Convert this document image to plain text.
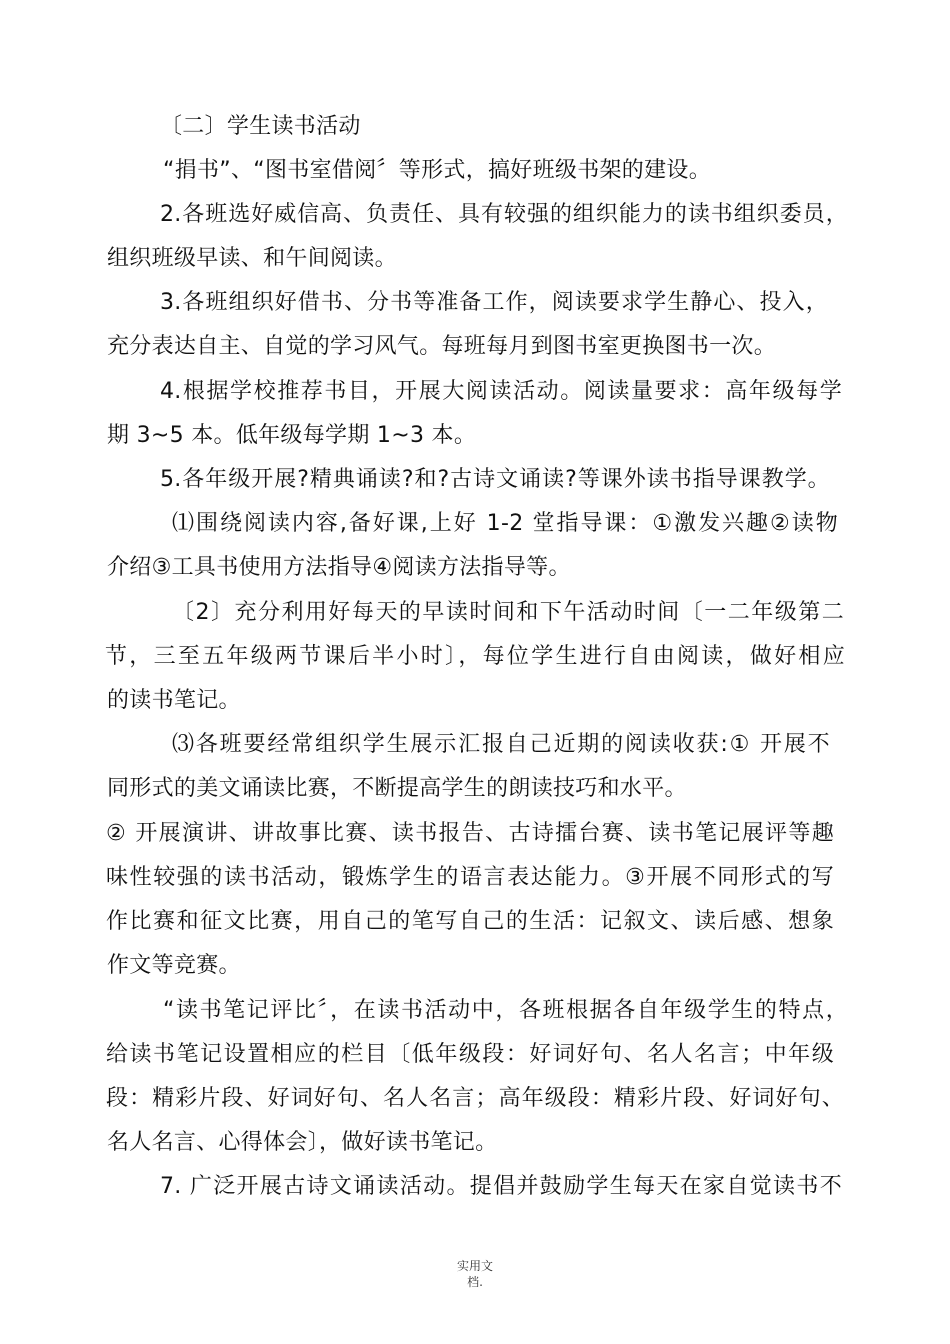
〔二〕学生读书活动
“捐书”、“图书室借阅〞等形式，搞好班级书架的建设。
2.各班选好威信高、负责任、具有较强的组织能力的读书组织委员，
组织班级早读、和午间阅读。
3.各班组织好借书、分书等准备工作，阅读要求学生静心、投入，
充分表达自主、自觉的学习风气。每班每月到图书室更换图书一次。
4.根据学校推荐书目，开展大阅读活动。阅读量要求：高年级每学
期 3~5 本。低年级每学期 1~3 本。
5.各年级开展?精典诵读?和?古诗文诵读?等课外读书指导课教学。
⑴围绕阅读内容,备好课,上好 1-2 堂指导课：①激发兴趣②读物
介绍③工具书使用方法指导④阅读方法指导等。
〔2〕充分利用好每天的早读时间和下午活动时间〔一二年级第二
节，三至五年级两节课后半小时〕，每位学生进行自由阅读，做好相应
的读书笔记。
⑶各班要经常组织学生展示汇报自己近期的阅读收获:① 开展不
同形式的美文诵读比赛，不断提高学生的朗读技巧和水平。
② 开展演讲、讲故事比赛、读书报告、古诗擂台赛、读书笔记展评等趣
味性较强的读书活动，锻炼学生的语言表达能力。③开展不同形式的写
作比赛和征文比赛，用自己的笔写自己的生活：记叙文、读后感、想象
作文等竞赛。
“读书笔记评比〞，在读书活动中，各班根据各自年级学生的特点，
给读书笔记设置相应的栏目〔低年级段：好词好句、名人名言；中年级
段：精彩片段、好词好句、名人名言；高年级段：精彩片段、好词好句、
名人名言、心得体会〕，做好读书笔记。
7. 广泛开展古诗文诵读活动。提倡并鼓励学生每天在家自觉读书不
实用文
档.
